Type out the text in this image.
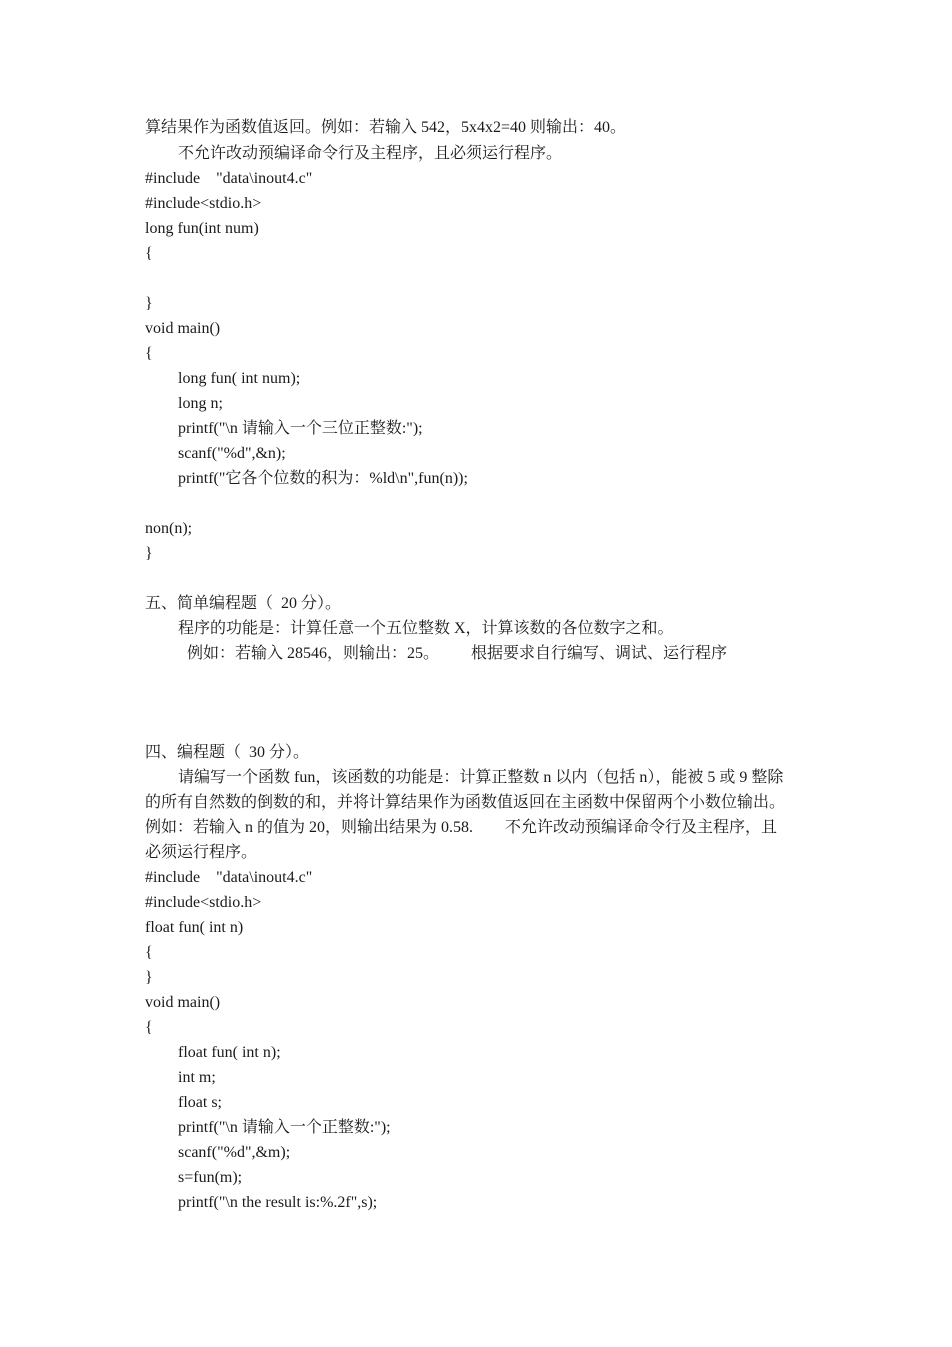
算结果作为函数值返回。例如：若输入 542，5x4x2=40 则输出：40。
不允许改动预编译命令行及主程序，且必须运行程序。
#include    "data\inout4.c"
#include<stdio.h>
long fun(int num)
{
}
void main()
{
long fun( int num);
long n;
printf("\n 请输入一个三位正整数:");
scanf("%d",&n);
printf("它各个位数的积为：%ld\n",fun(n));
non(n);
}
五、简单编程题（  20 分）。
程序的功能是：计算任意一个五位整数 X，计算该数的各位数字之和。
例如：若输入 28546，则输出：25。        根据要求自行编写、调试、运行程序
四、编程题（  30 分）。
请编写一个函数 fun，该函数的功能是：计算正整数 n 以内（包括 n），能被 5 或 9 整除
的所有自然数的倒数的和，并将计算结果作为函数值返回在主函数中保留两个小数位输出。
例如：若输入 n 的值为 20，则输出结果为 0.58.        不允许改动预编译命令行及主程序，且
必须运行程序。
#include    "data\inout4.c"
#include<stdio.h>
float fun( int n)
{
}
void main()
{
float fun( int n);
int m;
float s;
printf("\n 请输入一个正整数:");
scanf("%d",&m);
s=fun(m);
printf("\n the result is:%.2f",s);
